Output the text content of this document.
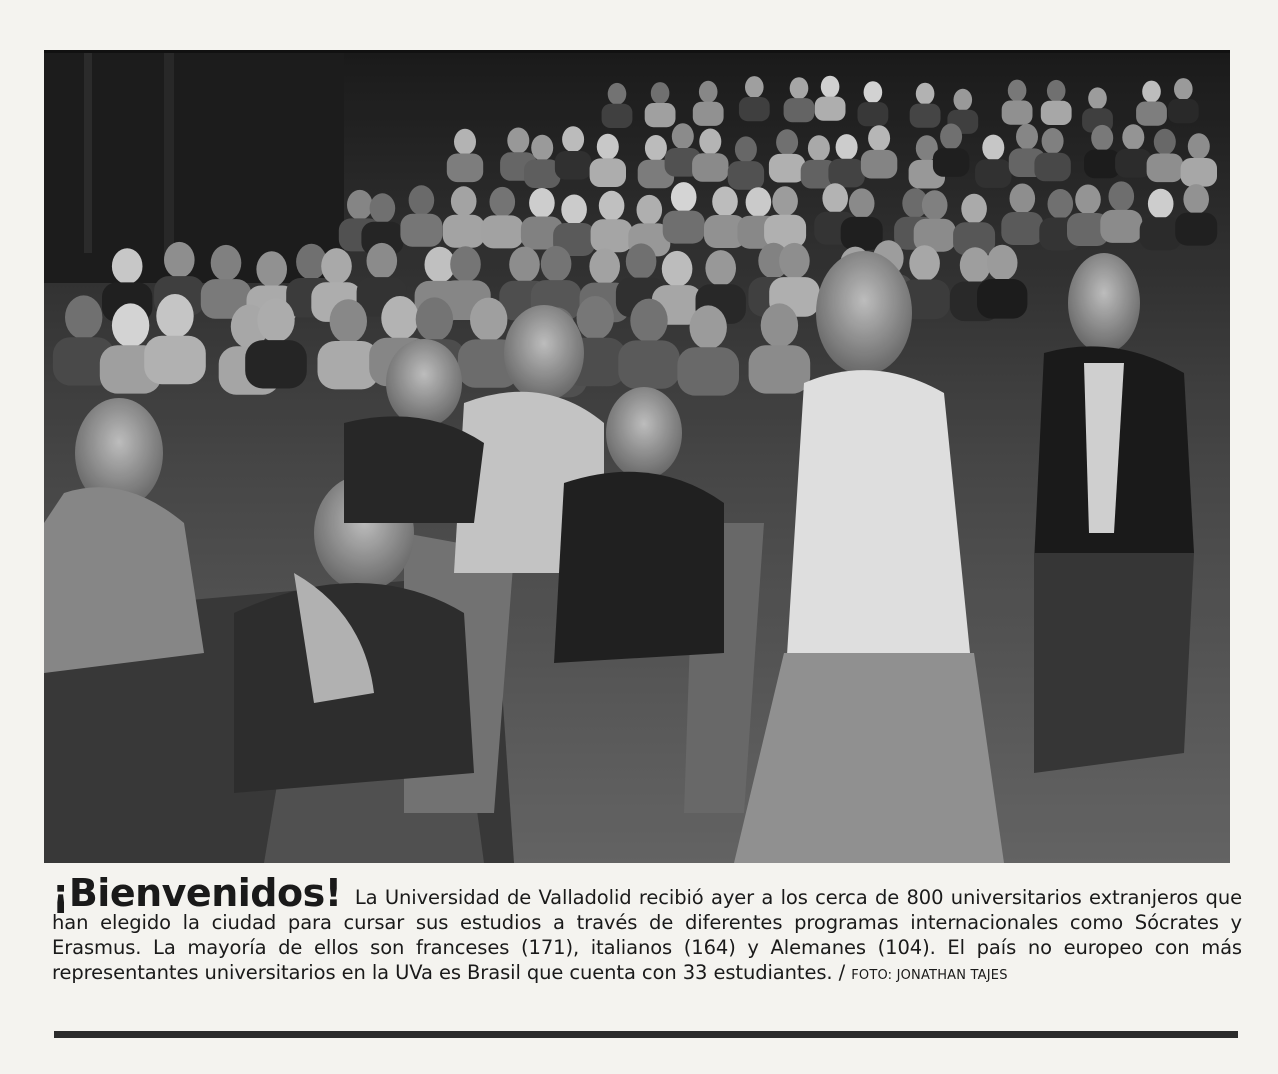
¡Bienvenidos! La Universidad de Valladolid recibió ayer a los cerca de 800 universitarios extranjeros que han elegido la ciudad para cursar sus estudios a través de diferentes programas internacionales como Sócrates y Erasmus. La mayoría de ellos son franceses (171), italianos (164) y Alemanes (104). El país no europeo con más representantes universitarios en la UVa es Brasil que cuenta con 33 estudiantes. / FOTO: JONATHAN TAJES
